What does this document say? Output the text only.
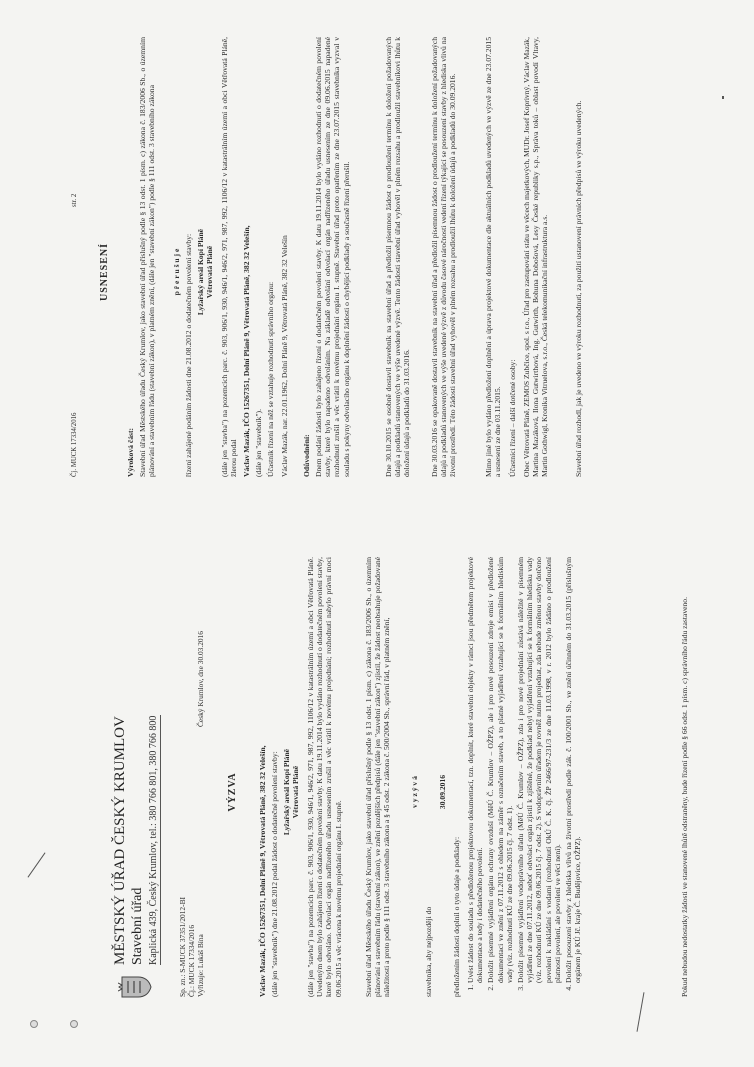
MĚSTSKÝ ÚŘAD ČESKÝ KRUMLOV Stavební úřad Kaplická 439, Český Krumlov, tel.: 380 766 801, 380 766 800	Sp. zn.: S-MUCK 37351/2012-BI Čj.: MUCK 17334/2016 Vyřizuje: Lukáš Bína
Český Krumlov, dne 30.03.2016
VÝZVA	Václav Mazák, IČO 15267351, Dolní Pláně 9, Větrovatá Pláně, 382 32 Velešín, (dále jen "stavebník") dne 21.08.2012 podal žádost o dodatečné povolení stavby: Lyžařský areál Kopí Pláně Větrovatá Pláně (dále jen "stavba") na pozemcích parc. č. 903, 906/1, 930, 946/1, 946/2, 971, 987, 992, 1106/12 v katastrálním území a obci Větřovatá Pláně. Uvedeným dnem bylo zahájeno řízení o dodatečném povolení stavby. K datu 19.11.2014 bylo vydáno rozhodnutí o dodatečném povolení stavby, které bylo odvoláno. Odvolací orgán nadřízeného úřadu usnesením zrušil a věc vrátil k novému projednání; rozhodnutí nabylo právní moci 09.06.2015 a věc vrácena k novému projednání orgánu I. stupně.	Stavební úřad Městského úřadu Český Krumlov, jako stavební úřad příslušný podle § 13 odst. 1 písm. c) zákona č. 183/2006 Sb., o územním plánování a stavebním řádu (stavební zákon), ve znění pozdějších předpisů (dále jen "stavební zákon") zjistil, že žádost neobsahuje požadované náležitosti a proto podle § 111 odst. 3 stavebního zákona a § 45 odst. 2 zákona č. 500/2004 Sb., správní řád, v platném znění, v y z ý v á
stavebníka, aby nejpozději do
30.09.2016
předložením žádosti doplnil o tyto údaje a podklady: 1. Uvést žádost do souladu s předloženou projektovou dokumentací, tzn. doplnit, které stavební objekty v rámci jsou předmětem projektové dokumentace a tedy i dodatečného povolení. 2. Doložit písemné vyjádření orgánu ochrany ovzduší (MěÚ Č. Krumlov – OŽPZ), ale i pro nové posouzení zdroje emisí v předložené dokumentaci ve znění z 07.11.2012 s ohledem na záměr s označením staveb, a to platné vyjádření vztahující se k formálním hlediskům vady (viz. rozhodnutí KÚ ze dne 09.06.2015 čj. 7 odst. 1). 3. Doložit písemné vyjádření vodoprávního úřadu (MěÚ Č. Krumlov – OŽPZ), zda i pro nové projednání zůstává náležité v písemném vyjádření ze dne 07.11.2012, neboť odvolací orgán zjistil k zjištěné, že podklad nebyl vyjádření vztahující se k formálním hledisku vady (viz. rozhodnutí KÚ ze dne 09.06.2015 čj. 7 odst. 2). S vodoprávním úřadem je rovněž nutno projednat, zda nebude změnou stavby dotčeno povolení k nakládání s vodami (rozhodnutí OkÚ Č. K. čj. ŽP 2466/97-231/3 ze dne 11.03.1998, v r. 2012 bylo žádáno o prodloužení platnosti povolení, ale povolení ve věci není). 4. Doložit posouzení stavby z hlediska vlivů na životní prostředí podle zák. č. 100/2001 Sb., ve znění účinném do 31.03.2015 (příslušným orgánem je KÚ Jč. kraje Č. Budějovice, OŽPZ).	Pokud nebudou nedostatky žádosti ve stanovené lhůtě odstraněny, bude řízení podle § 66 odst. 1 písm. c) správního řádu zastaveno.
Čj. MUCK 17334/2016
str. 2
USNESENÍ
Výroková část: Stavební úřad Městského úřadu Český Krumlov, jako stavební úřad příslušný podle § 13 odst. 1 písm. c) zákona č. 183/2006 Sb., o územním plánování a stavebním řádu (stavební zákon), v platném znění, (dále jen "stavební zákon") podle § 111 odst. 3 stavebního zákona p ř e r u š u j e řízení zahájené podáním žádosti dne 21.08.2012 o dodatečném povolení stavby: Lyžařský areál Kopí Pláně Větrovatá Pláně (dále jen "stavba") na pozemcích parc. č. 903, 906/1, 930, 946/1, 946/2, 971, 987, 992, 1106/12 v katastrálním území a obci Větřovatá Pláně, žlerou podal Václav Mazák, IČO 15267351, Dolní Pláně 9, Větrovatá Pláně, 382 32 Velešín, (dále jen "stavebník"). Účastník řízení na něž se vztahuje rozhodnutí správního orgánu: Václav Mazák, nar. 22.01.1962, Dolní Pláně 9, Větrovatá Pláně, 382 32 Velešín Odůvodnění: Dnem podání žádosti bylo zahájeno řízení o dodatečném povolení stavby. K datu 19.11.2014 bylo vydáno rozhodnutí o dodatečném povolení stavby, které bylo napadeno odvoláním. Na základě odvolání odvolací orgán nadřízeného úřadu usnesením ze dne 09.06.2015 napadené rozhodnutí zrušil a věc vrátil k novému projednání orgánu I. stupně. Stavební úřad proto opatřením ze dne 23.07.2015 stavebníka vyzval v souladu s pokyny odvolacího orgánu k doplnění žádosti o chybějící podklady a současně řízení přerušil.	Dne 30.10.2015 se osobně dostavil stavebník na stavební úřad a předložil písemnou žádost o prodloužení termínu k doložení požadovaných údajů a podkladů stanovených ve výše uvedené výzvě. Tento žádosti stavební úřad vyhověl v plném rozsahu a prodloužil stavebníkovi lhůtu k doložení údajů a podkladů do 31.03.2016. Dne 30.03.2016 se opakovaně dostavil stavebník na stavební úřad a předložil písemnou žádost o prodloužení termínu k doložení požadovaných údajů a podkladů stanovených ve výše uvedené výzvě z důvodu časové náročnosti vedení řízení týkající se posouzení stavby z hlediska vlivů na životní prostředí. Této žádosti stavební úřad vyhověl v plném rozsahu a prodloužil lhůtu k doložení údajů a podkladů do 30.09.2016.	Mimo jiné bylo vydáno předložení doplnění a úprava projektové dokumentace dle aktuálních podkladů uvedených ve výzvě ze dne 23.07.2015 a usnesení ze dne 03.11.2015. Účastníci řízení – další dotčené osoby: Obec Větrovatá Pláně, ZEMOS Zubčice, spol. s r.o., Úřad pro zastupování státu ve věcech majetkových, MUDr. Josef Koprivný, Václav Mazák, Martina Mazáková, Ilona Gutwirthová, Ing. Gutwirth, Bohuna Dobošová, Lesy České republiky s.p., Správa toků – oblast povodí Vltavy, Martin Gothwigl, Kronika Vitruelova, s.r.o., Česká telekomunikační infrastruktura a.s.	Stavební úřad rozhodl, jak je uvedeno ve výroku rozhodnutí, za použití ustanovení právních předpisů ve výroku uvedených.
